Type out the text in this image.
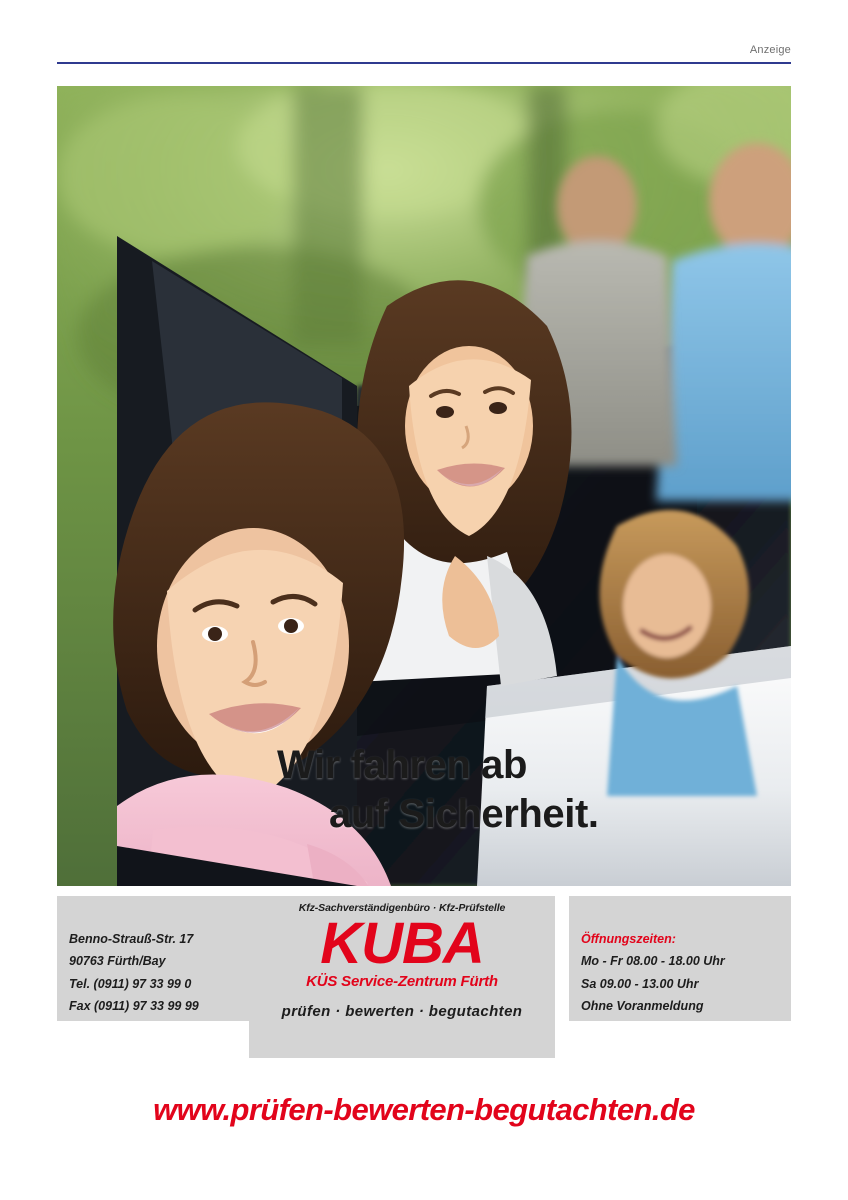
Anzeige
Wir fahren ab
auf Sicherheit.
Benno-Strauß-Str. 17
90763 Fürth/Bay
Tel. (0911) 97 33 99 0
Fax (0911) 97 33 99 99
Kfz-Sachverständigenbüro · Kfz-Prüfstelle
KUBA
KÜS Service-Zentrum Fürth
prüfen · bewerten · begutachten
Öffnungszeiten:
Mo - Fr 08.00 - 18.00 Uhr
Sa 09.00 - 13.00 Uhr
Ohne Voranmeldung
www.prüfen-bewerten-begutachten.de
